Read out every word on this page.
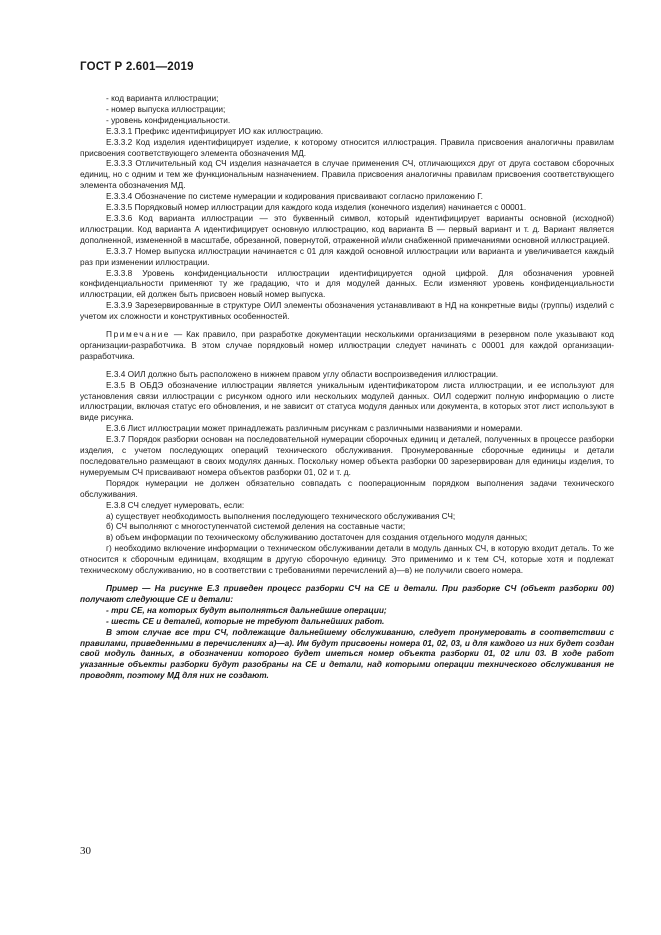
ГОСТ Р 2.601—2019

- код варианта иллюстрации;

- номер выпуска иллюстрации;

- уровень конфиденциальности.

Е.3.3.1 Префикс идентифицирует ИО как иллюстрацию.

Е.3.3.2 Код изделия идентифицирует изделие, к которому относится иллюстрация. Правила присвоения аналогичны правилам присвоения соответствующего элемента обозначения МД.

Е.3.3.3 Отличительный код СЧ изделия назначается в случае применения СЧ, отличающихся друг от друга составом сборочных единиц, но с одним и тем же функциональным назначением. Правила присвоения аналогичны правилам присвоения соответствующего элемента обозначения МД.

Е.3.3.4 Обозначение по системе нумерации и кодирования присваивают согласно приложению Г.

Е.3.3.5 Порядковый номер иллюстрации для каждого кода изделия (конечного изделия) начинается с 00001.

Е.3.3.6 Код варианта иллюстрации — это буквенный символ, который идентифицирует варианты основной (исходной) иллюстрации. Код варианта А идентифицирует основную иллюстрацию, код варианта В — первый вариант и т. д. Вариант является дополненной, измененной в масштабе, обрезанной, повернутой, отраженной и/или снабженной примечаниями основной иллюстрацией.

Е.3.3.7 Номер выпуска иллюстрации начинается с 01 для каждой основной иллюстрации или варианта и увеличивается каждый раз при изменении иллюстрации.

Е.3.3.8 Уровень конфиденциальности иллюстрации идентифицируется одной цифрой. Для обозначения уровней конфиденциальности применяют ту же градацию, что и для модулей данных. Если изменяют уровень конфиденциальности иллюстрации, ей должен быть присвоен новый номер выпуска.

Е.3.3.9 Зарезервированные в структуре ОИЛ элементы обозначения устанавливают в НД на конкретные виды (группы) изделий с учетом их сложности и конструктивных особенностей.

Примечание — Как правило, при разработке документации несколькими организациями в резервном поле указывают код организации-разработчика. В этом случае порядковый номер иллюстрации следует начинать с 00001 для каждой организации-разработчика.

Е.3.4 ОИЛ должно быть расположено в нижнем правом углу области воспроизведения иллюстрации.

Е.3.5 В ОБДЭ обозначение иллюстрации является уникальным идентификатором листа иллюстрации, и ее используют для установления связи иллюстрации с рисунком одного или нескольких модулей данных. ОИЛ содержит полную информацию о листе иллюстрации, включая статус его обновления, и не зависит от статуса модуля данных или документа, в которых этот лист используют в виде рисунка.

Е.3.6 Лист иллюстрации может принадлежать различным рисункам с различными названиями и номерами.

Е.3.7 Порядок разборки основан на последовательной нумерации сборочных единиц и деталей, полученных в процессе разборки изделия, с учетом последующих операций технического обслуживания. Пронумерованные сборочные единицы и детали последовательно размещают в своих модулях данных. Поскольку номер объекта разборки 00 зарезервирован для единицы изделия, то нумеруемым СЧ присваивают номера объектов разборки 01, 02 и т. д.

Порядок нумерации не должен обязательно совпадать с пооперационным порядком выполнения задачи технического обслуживания.

Е.3.8 СЧ следует нумеровать, если:

а) существует необходимость выполнения последующего технического обслуживания СЧ;

б) СЧ выполняют с многоступенчатой системой деления на составные части;

в) объем информации по техническому обслуживанию достаточен для создания отдельного модуля данных;

г) необходимо включение информации о техническом обслуживании детали в модуль данных СЧ, в которую входит деталь. То же относится к сборочным единицам, входящим в другую сборочную единицу. Это применимо и к тем СЧ, которые хотя и подлежат техническому обслуживанию, но в соответствии с требованиями перечислений а)—в) не получили своего номера.

Пример — На рисунке Е.3 приведен процесс разборки СЧ на СЕ и детали. При разборке СЧ (объект разборки 00) получают следующие СЕ и детали:

- три СЕ, на которых будут выполняться дальнейшие операции;

- шесть СЕ и деталей, которые не требуют дальнейших работ.

В этом случае все три СЧ, подлежащие дальнейшему обслуживанию, следует пронумеровать в соответствии с правилами, приведенными в перечислениях а)—а). Им будут присвоены номера 01, 02, 03, и для каждого из них будет создан свой модуль данных, в обозначении которого будет иметься номер объекта разборки 01, 02 или 03. В ходе работ указанные объекты разборки будут разобраны на СЕ и детали, над которыми операции технического обслуживания не проводят, поэтому МД для них не создают.

30
